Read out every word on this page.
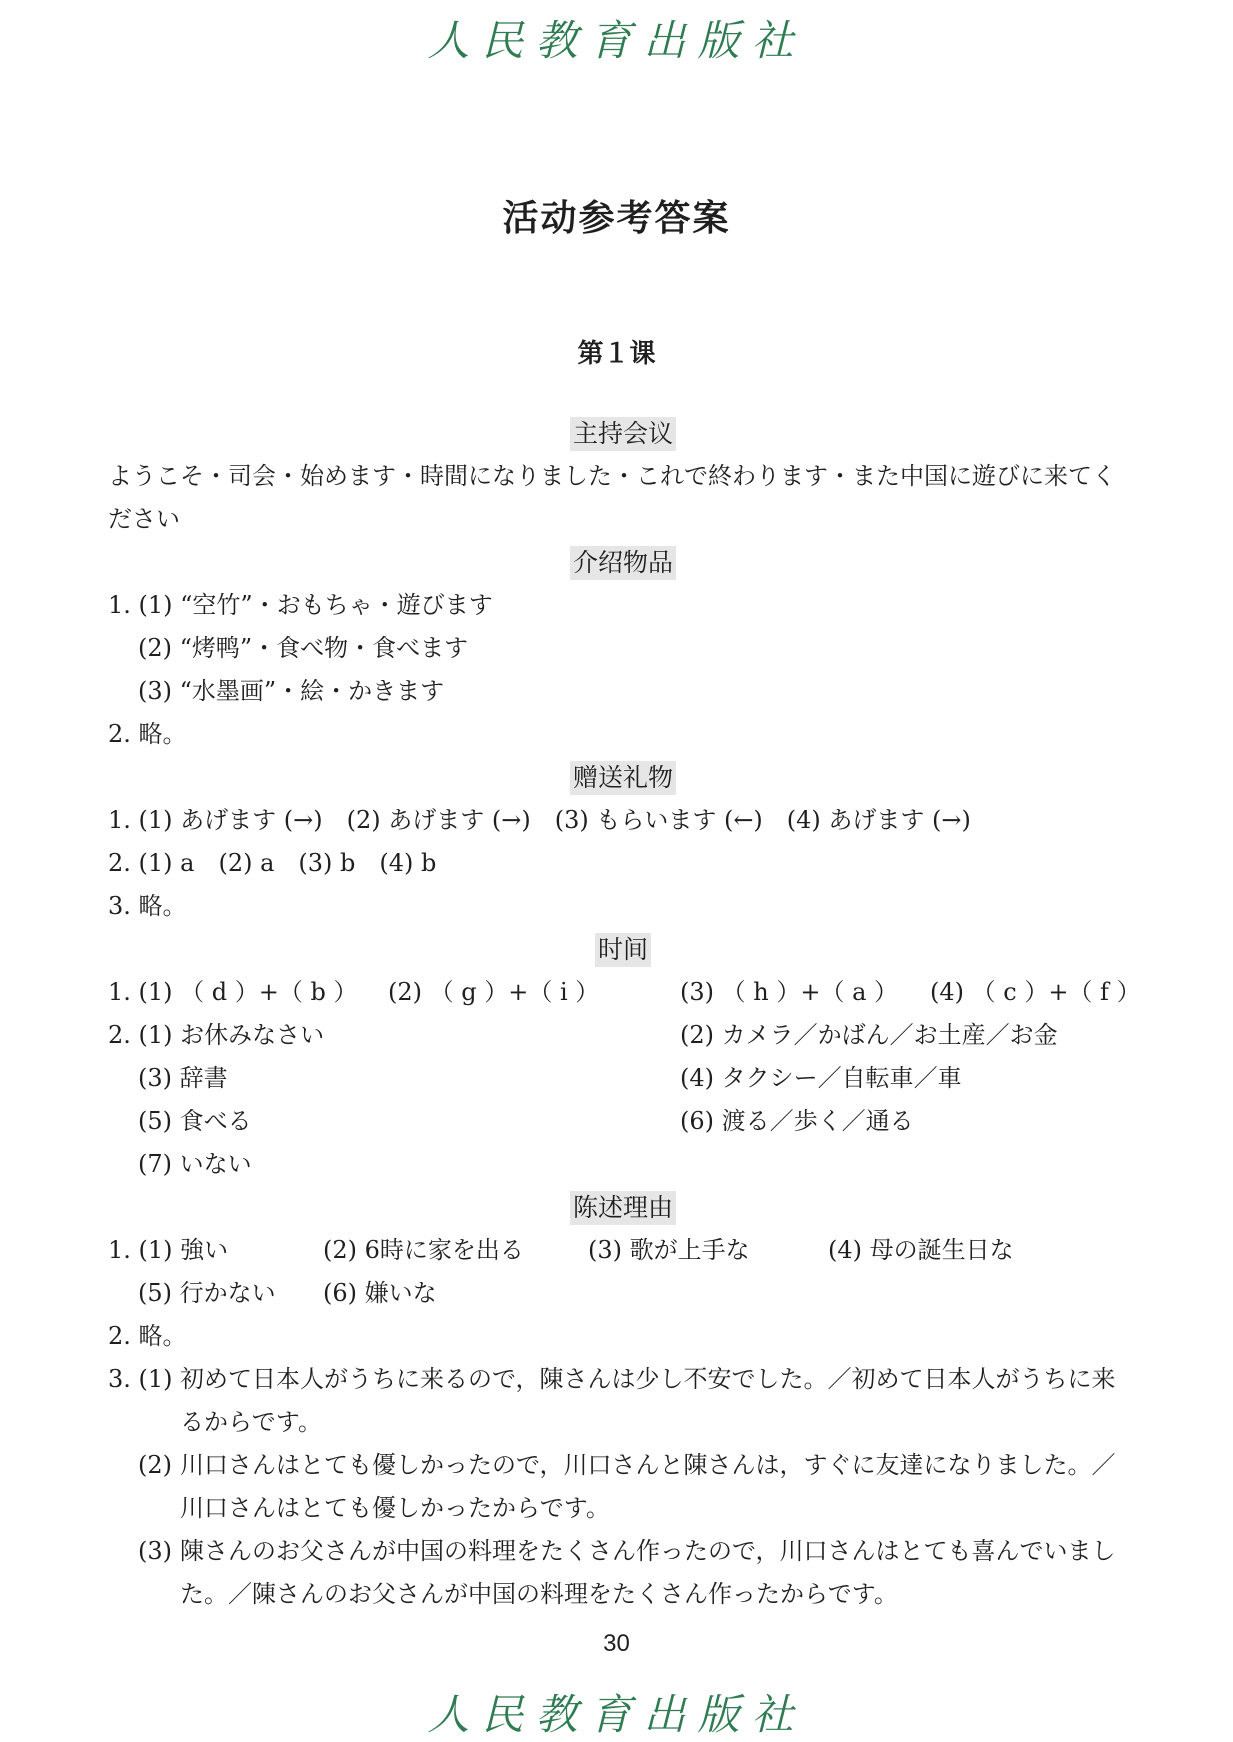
人民教育出版社
活动参考答案
第１课
主持会议
ようこそ・司会・始めます・時間になりました・これで終わります・また中国に遊びに来てください
介绍物品
1. (1) “空竹”・おもちゃ・遊びます
(2) “烤鸭”・食べ物・食べます
(3) “水墨画”・絵・かきます
2. 略。
赠送礼物
1. (1) あげます (→)　(2) あげます (→)　(3) もらいます (←)　(4) あげます (→)
2. (1) a　(2) a　(3) b　(4) b
3. 略。
时间
1. (1) （ d ）+（ b ） (2) （ g ）+（ i ）	(3) （ h ）+（ a ） (4) （ c ）+（ f ）
2. (1) お休みなさい	(2) カメラ／かばん／お土産／お金
(3) 辞書	(4) タクシー／自転車／車
(5) 食べる	(6) 渡る／歩く／通る
(7) いない
陈述理由
1. (1) 強い	(2) 6時に家を出る	(3) 歌が上手な	(4) 母の誕生日な
(5) 行かない (6) 嫌いな
2. 略。
3. (1) 初めて日本人がうちに来るので，陳さんは少し不安でした。／初めて日本人がうちに来るからです。
(2) 川口さんはとても優しかったので，川口さんと陳さんは，すぐに友達になりました。／川口さんはとても優しかったからです。
(3) 陳さんのお父さんが中国の料理をたくさん作ったので，川口さんはとても喜んでいました。／陳さんのお父さんが中国の料理をたくさん作ったからです。
30
人民教育出版社
